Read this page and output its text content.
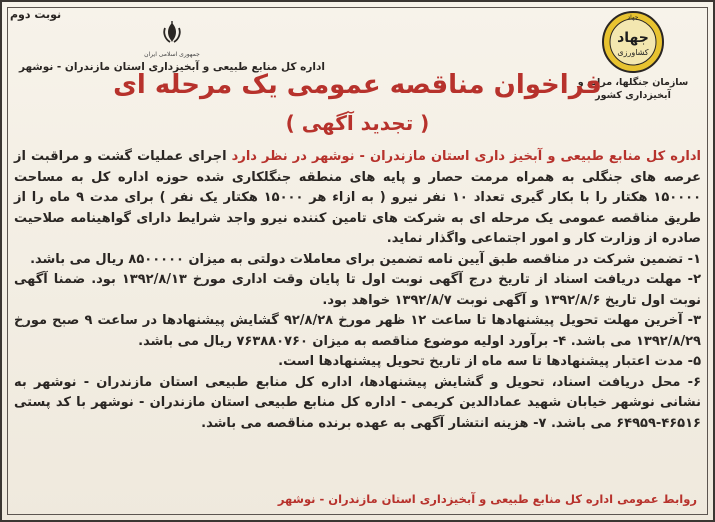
نوبت دوم
جمهوری اسلامی ایران
اداره کل منابع طبیعی و آبخیزداری استان مازندران - نوشهر
جهاد
جهاد
کشاورزی
سازمان جنگلها، مراتع و
آبخیزداری کشور
فراخوان مناقصه عمومی یک مرحله ای
( تجدید آگهی )

اداره کل منابع طبیعی و آبخیز داری استان مازندران - نوشهر در نظر دارد اجرای عملیات گشت و مراقبت از عرصه های جنگلی به همراه مرمت حصار و پایه های منطقه جنگلکاری شده حوزه اداره کل به مساحت ۱۵۰۰۰۰ هکتار را با بکار گیری تعداد ۱۰ نفر نیرو ( به ازاء هر ۱۵۰۰۰ هکتار یک نفر ) برای مدت ۹ ماه را از طریق مناقصه عمومی یک مرحله ای به شرکت های تامین کننده نیرو واجد شرایط دارای گواهینامه صلاحیت صادره از وزارت کار و امور اجتماعی واگذار نماید.

۱- تضمین شرکت در مناقصه طبق آیین نامه تضمین برای معاملات دولتی به میزان ۸۵۰۰۰۰۰ ریال می باشد.

۲- مهلت دریافت اسناد از تاریخ درج آگهی نوبت اول تا پایان وقت اداری مورخ ۱۳۹۲/۸/۱۳ بود. ضمنا آگهی نوبت اول تاریخ ۱۳۹۲/۸/۶ و آگهی نوبت ۱۳۹۲/۸/۷ خواهد بود.

۳- آخرین مهلت تحویل پیشنهادها تا ساعت ۱۲ ظهر مورخ ۹۲/۸/۲۸ گشایش پیشنهادها در ساعت ۹ صبح مورخ ۱۳۹۲/۸/۲۹ می باشد. ۴- برآورد اولیه موضوع مناقصه به میزان ۷۶۳۸۸۰۷۶۰ ریال می باشد.

۵- مدت اعتبار پیشنهادها تا سه ماه از تاریخ تحویل پیشنهادها است.

۶- محل دریافت اسناد، تحویل و گشایش پیشنهادها، اداره کل منابع طبیعی استان مازندران - نوشهر به نشانی نوشهر خیابان شهید عمادالدین کریمی - اداره کل منابع طبیعی استان مازندران - نوشهر با کد پستی ۴۶۵۱۶-۶۴۹۵۹ می باشد. ۷- هزینه انتشار آگهی به عهده برنده مناقصه می باشد.

روابط عمومی اداره کل منابع طبیعی و آبخیزداری استان مازندران - نوشهر
